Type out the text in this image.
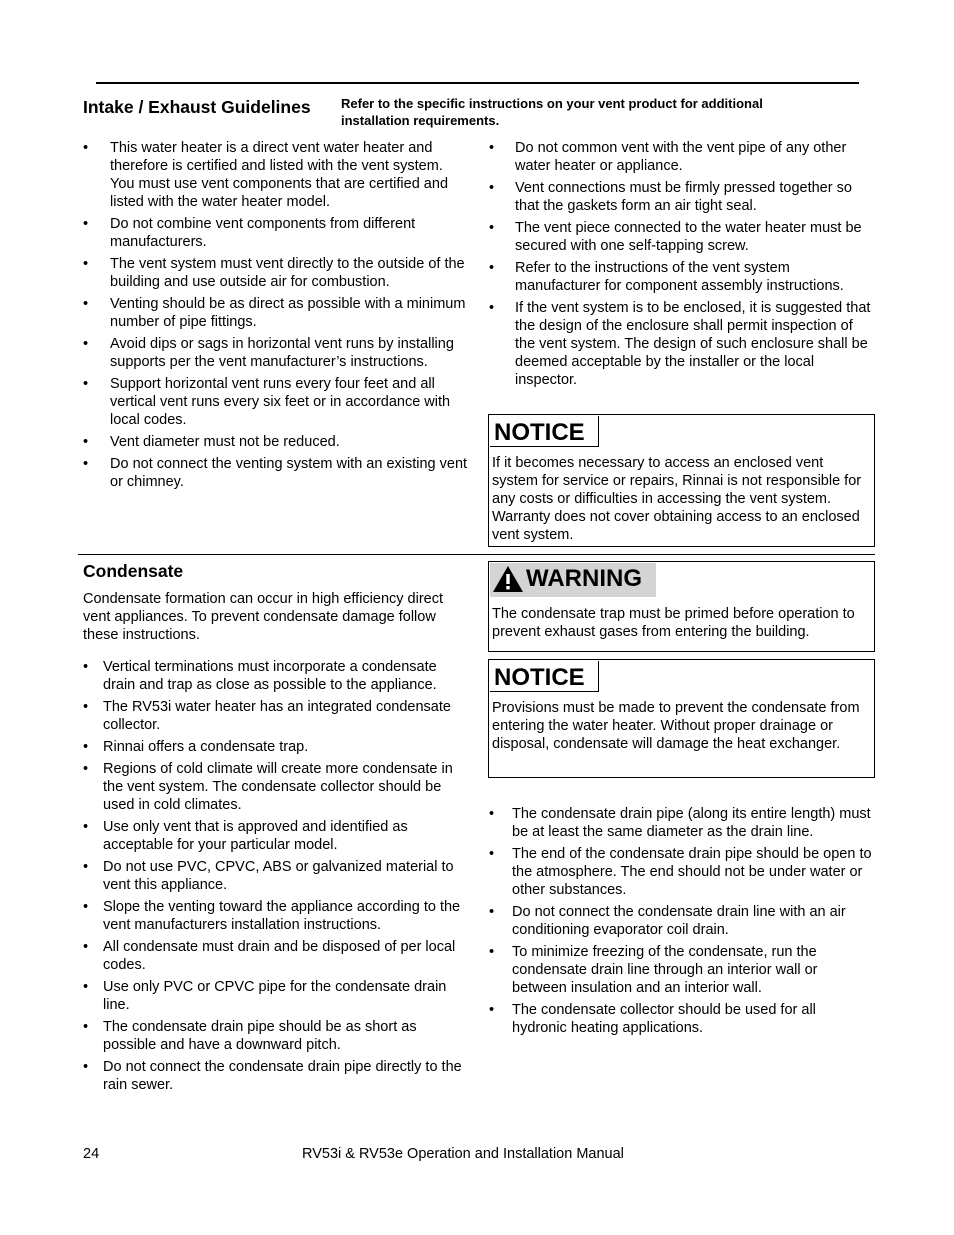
Intake / Exhaust Guidelines Refer to the specific instructions on your vent product for additional installation requirements.
• This water heater is a direct vent water heater and therefore is certified and listed with the vent system. You must use vent components that are certified and listed with the water heater model.
• Do not combine vent components from different manufacturers.
• The vent system must vent directly to the outside of the building and use outside air for combustion.
• Venting should be as direct as possible with a minimum number of pipe fittings.
• Avoid dips or sags in horizontal vent runs by installing supports per the vent manufacturer’s instructions.
• Support horizontal vent runs every four feet and all vertical vent runs every six feet or in accordance with local codes.
• Vent diameter must not be reduced.
• Do not connect the venting system with an existing vent or chimney.
• Do not common vent with the vent pipe of any other water heater or appliance.
• Vent connections must be firmly pressed together so that the gaskets form an air tight seal.
• The vent piece connected to the water heater must be secured with one self-tapping screw.
• Refer to the instructions of the vent system manufacturer for component assembly instructions.
• If the vent system is to be enclosed, it is suggested that the design of the enclosure shall permit inspection of the vent system. The design of such enclosure shall be deemed acceptable by the installer or the local inspector.
NOTICE
If it becomes necessary to access an enclosed vent system for service or repairs, Rinnai is not responsible for any costs or difficulties in accessing the vent system. Warranty does not cover obtaining access to an enclosed vent system.
Condensate
Condensate formation can occur in high efficiency direct vent appliances. To prevent condensate damage follow these instructions.
• Vertical terminations must incorporate a condensate drain and trap as close as possible to the appliance.
• The RV53i water heater has an integrated condensate collector.
• Rinnai offers a condensate trap.
• Regions of cold climate will create more condensate in the vent system. The condensate collector should be used in cold climates.
• Use only vent that is approved and identified as acceptable for your particular model.
• Do not use PVC, CPVC, ABS or galvanized material to vent this appliance.
• Slope the venting toward the appliance according to the vent manufacturers installation instructions.
• All condensate must drain and be disposed of per local codes.
• Use only PVC or CPVC pipe for the condensate drain line.
• The condensate drain pipe should be as short as possible and have a downward pitch.
• Do not connect the condensate drain pipe directly to the rain sewer.
WARNING
The condensate trap must be primed before operation to prevent exhaust gases from entering the building.
NOTICE
Provisions must be made to prevent the condensate from entering the water heater. Without proper drainage or disposal, condensate will damage the heat exchanger.
• The condensate drain pipe (along its entire length) must be at least the same diameter as the drain line.
• The end of the condensate drain pipe should be open to the atmosphere. The end should not be under water or other substances.
• Do not connect the condensate drain line with an air conditioning evaporator coil drain.
• To minimize freezing of the condensate, run the condensate drain line through an interior wall or between insulation and an interior wall.
• The condensate collector should be used for all hydronic heating applications.
24	RV53i & RV53e Operation and Installation Manual
